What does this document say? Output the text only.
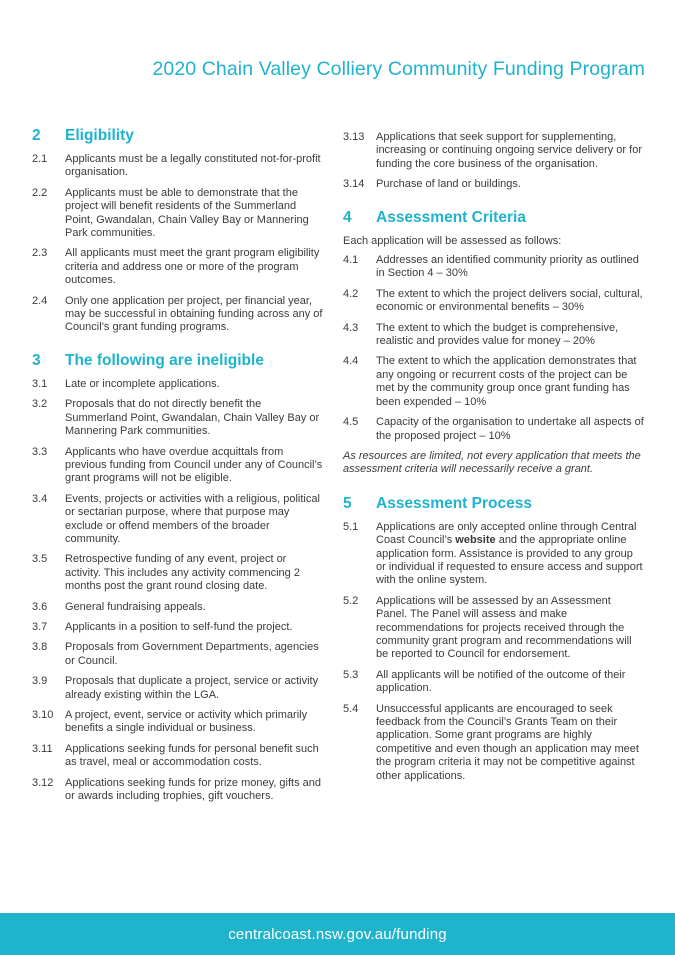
2020 Chain Valley Colliery Community Funding Program
2	Eligibility
2.1	Applicants must be a legally constituted not-for-profit organisation.
2.2	Applicants must be able to demonstrate that the project will benefit residents of the Summerland Point, Gwandalan, Chain Valley Bay or Mannering Park communities.
2.3	All applicants must meet the grant program eligibility criteria and address one or more of the program outcomes.
2.4	Only one application per project, per financial year, may be successful in obtaining funding across any of Council’s grant funding programs.
3	The following are ineligible
3.1	Late or incomplete applications.
3.2	Proposals that do not directly benefit the Summerland Point, Gwandalan, Chain Valley Bay or Mannering Park communities.
3.3	Applicants who have overdue acquittals from previous funding from Council under any of Council’s grant programs will not be eligible.
3.4	Events, projects or activities with a religious, political or sectarian purpose, where that purpose may exclude or offend members of the broader community.
3.5	Retrospective funding of any event, project or activity. This includes any activity commencing 2 months post the grant round closing date.
3.6	General fundraising appeals.
3.7	Applicants in a position to self-fund the project.
3.8	Proposals from Government Departments, agencies or Council.
3.9	Proposals that duplicate a project, service or activity already existing within the LGA.
3.10	A project, event, service or activity which primarily benefits a single individual or business.
3.11	Applications seeking funds for personal benefit such as travel, meal or accommodation costs.
3.12	Applications seeking funds for prize money, gifts and or awards including trophies, gift vouchers.
3.13	Applications that seek support for supplementing, increasing or continuing ongoing service delivery or for funding the core business of the organisation.
3.14	Purchase of land or buildings.
4	Assessment Criteria
Each application will be assessed as follows:
4.1	Addresses an identified community priority as outlined in Section 4 – 30%
4.2	The extent to which the project delivers social, cultural, economic or environmental benefits – 30%
4.3	The extent to which the budget is comprehensive, realistic and provides value for money – 20%
4.4	The extent to which the application demonstrates that any ongoing or recurrent costs of the project can be met by the community group once grant funding has been expended – 10%
4.5	Capacity of the organisation to undertake all aspects of the proposed project – 10%
As resources are limited, not every application that meets the assessment criteria will necessarily receive a grant.
5	Assessment Process
5.1	Applications are only accepted online through Central Coast Council’s website and the appropriate online application form. Assistance is provided to any group or individual if requested to ensure access and support with the online system.
5.2	Applications will be assessed by an Assessment Panel. The Panel will assess and make recommendations for projects received through the community grant program and recommendations will be reported to Council for endorsement.
5.3	All applicants will be notified of the outcome of their application.
5.4	Unsuccessful applicants are encouraged to seek feedback from the Council’s Grants Team on their application. Some grant programs are highly competitive and even though an application may meet the program criteria it may not be competitive against other applications.
centralcoast.nsw.gov.au/funding
